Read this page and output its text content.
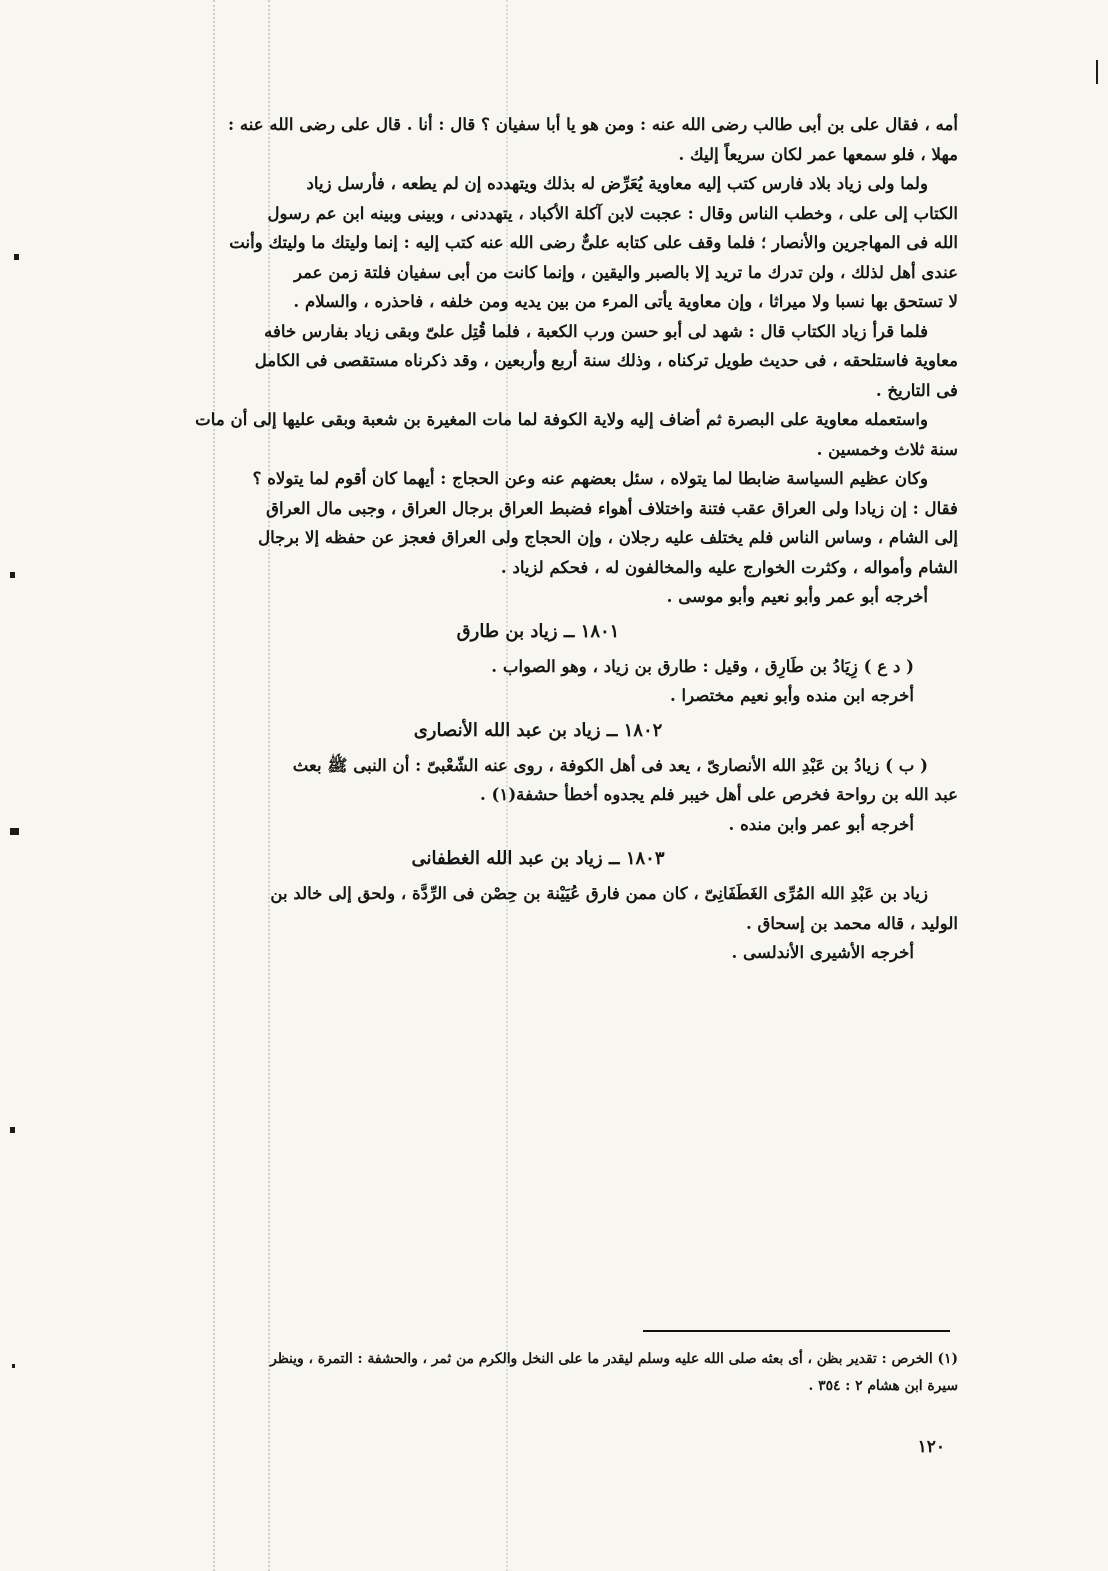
أمه ، فقال على بن أبى طالب رضى الله عنه : ومن هو يا أبا سفيان ؟ قال : أنا . قال على رضى الله عنه :
مهلا ، فلو سمعها عمر لكان سريعاً إليك .

ولما ولى زياد بلاد فارس كتب إليه معاوية يُعَرِّض له بذلك ويتهدده إن لم يطعه ، فأرسل زياد
الكتاب إلى على ، وخطب الناس وقال : عجبت لابن آكلة الأكباد ، يتهددنى ، وبينى وبينه ابن عم رسول
الله فى المهاجرين والأنصار ؛ فلما وقف على كتابه علىٌّ رضى الله عنه كتب إليه : إنما وليتك ما وليتك وأنت
عندى أهل لذلك ، ولن تدرك ما تريد إلا بالصبر واليقين ، وإنما كانت من أبى سفيان فلتة زمن عمر
لا تستحق بها نسبا ولا ميراثا ، وإن معاوية يأتى المرء من بين يديه ومن خلفه ، فاحذره ، والسلام .

فلما قرأ زياد الكتاب قال : شهد لى أبو حسن ورب الكعبة ، فلما قُتِل علىّ وبقى زياد بفارس خافه
معاوية فاستلحقه ، فى حديث طويل تركناه ، وذلك سنة أربع وأربعين ، وقد ذكرناه مستقصى فى الكامل
فى التاريخ .

واستعمله معاوية على البصرة ثم أضاف إليه ولاية الكوفة لما مات المغيرة بن شعبة وبقى عليها إلى أن مات
سنة ثلاث وخمسين .

وكان عظيم السياسة ضابطا لما يتولاه ، سئل بعضهم عنه وعن الحجاج : أيهما كان أقوم لما يتولاه ؟
فقال : إن زيادا ولى العراق عقب فتنة واختلاف أهواء فضبط العراق برجال العراق ، وجبى مال العراق
إلى الشام ، وساس الناس فلم يختلف عليه رجلان ، وإن الحجاج ولى العراق فعجز عن حفظه إلا برجال
الشام وأمواله ، وكثرت الخوارج عليه والمخالفون له ، فحكم لزياد .

أخرجه أبو عمر وأبو نعيم وأبو موسى .

١٨٠١ ــ زياد بن طارق
( د ع ) زِيَادُ بن طَارِق ، وقيل : طارق بن زياد ، وهو الصواب .
أخرجه ابن منده وأبو نعيم مختصرا .
١٨٠٢ ــ زياد بن عبد الله الأنصارى
( ب ) زيادُ بن عَبْدِ الله الأنصارىّ ، يعد فى أهل الكوفة ، روى عنه الشّعْبىّ : أن النبى ﷺ بعث
عبد الله بن رواحة فخرص على أهل خيبر فلم يجدوه أخطأ حشفة(١) .
أخرجه أبو عمر وابن منده .
١٨٠٣ ــ زياد بن عبد الله الغطفانى
زياد بن عَبْدِ الله المُرِّى الغَطَفَانِىّ ، كان ممن فارق عُيَيْنة بن حِصْن فى الرِّدَّة ، ولحق إلى خالد بن
الوليد ، قاله محمد بن إسحاق .
أخرجه الأشيرى الأندلسى .
(١) الخرص : تقدير بظن ، أى بعثه صلى الله عليه وسلم ليقدر ما على النخل والكرم من ثمر ، والحشفة : التمرة ، وينظر
سيرة ابن هشام ٢ : ٣٥٤ .
١٢٠
